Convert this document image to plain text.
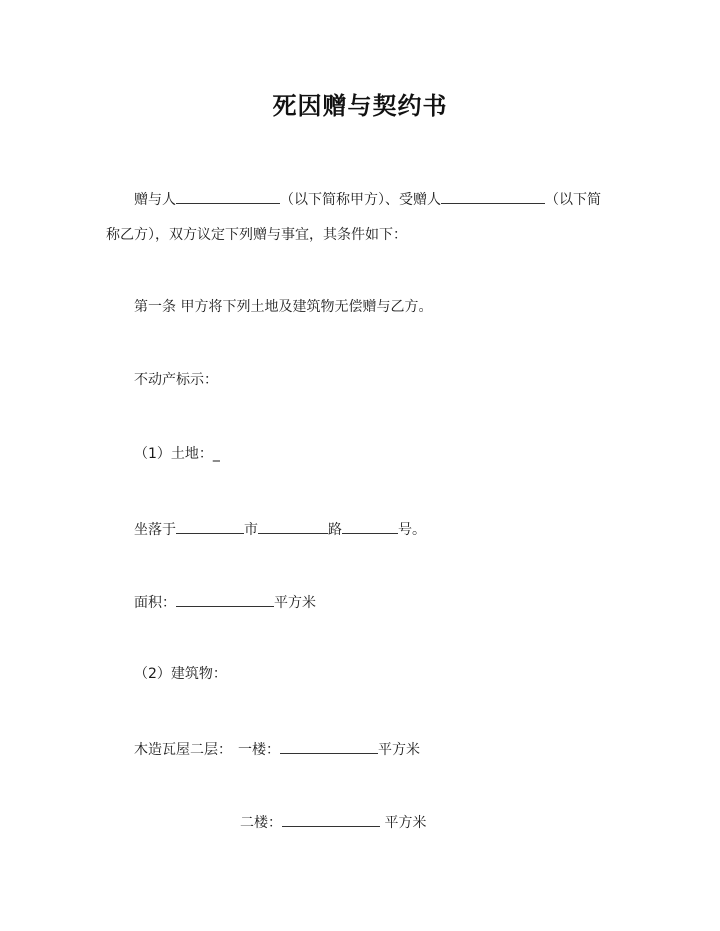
死因赠与契约书
赠与人	（以下简称甲方）、受赠人	（以下简
称乙方），双方议定下列赠与事宜，其条件如下：
第一条 甲方将下列土地及建筑物无偿赠与乙方。
不动产标示：
（1）土地：_
坐落于	市	路	号。
面积：	平方米
（2）建筑物：
木造瓦屋二层： 一楼：	平方米
二楼：	平方米
